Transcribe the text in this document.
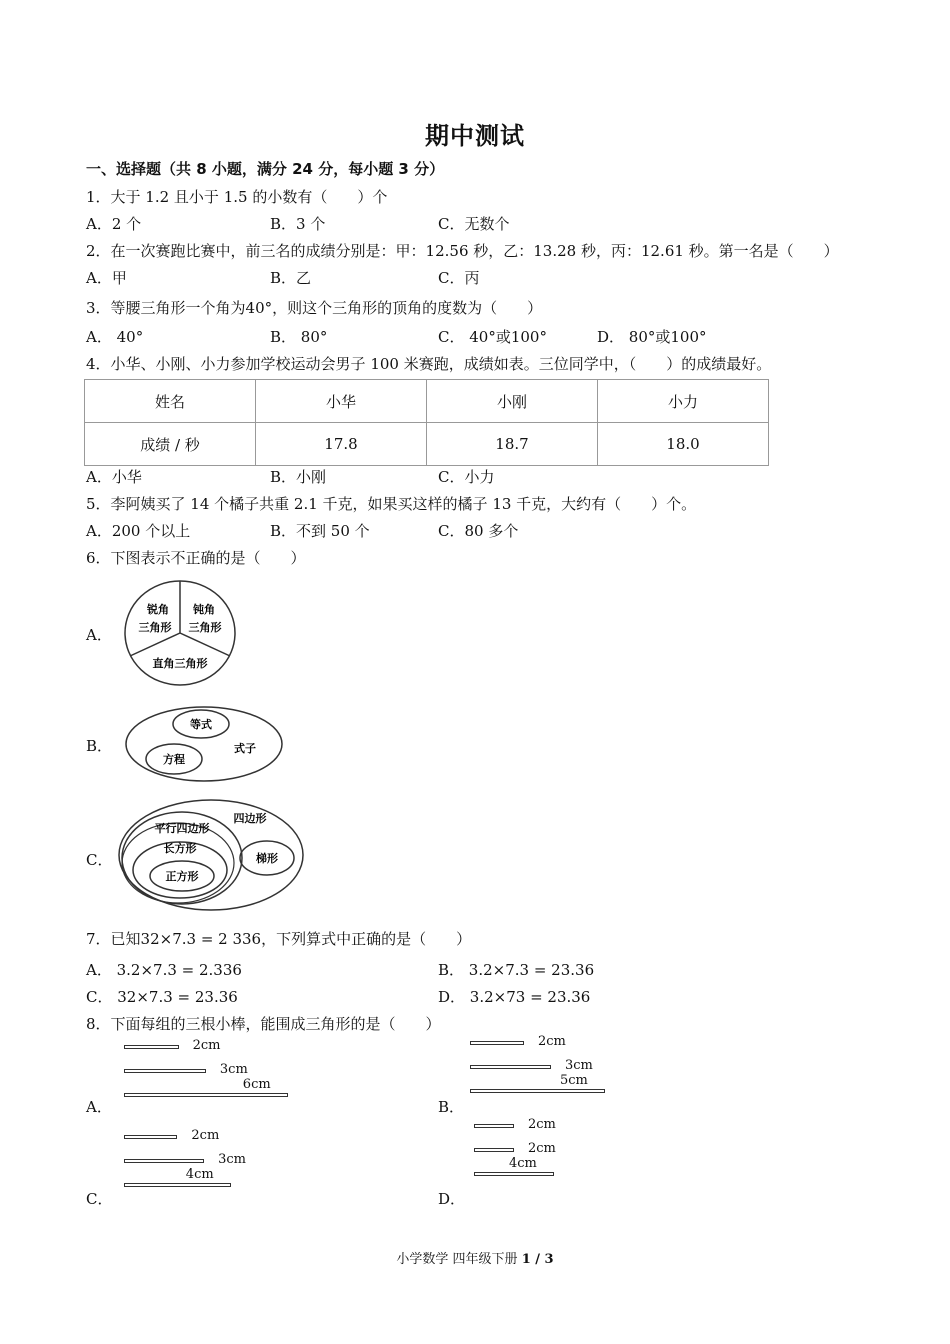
期中测试
一、选择题（共 8 小题，满分 24 分，每小题 3 分）
1．大于 1.2 且小于 1.5 的小数有（　　）个
A．2 个	B．3 个	C．无数个
2．在一次赛跑比赛中，前三名的成绩分别是：甲：12.56 秒，乙：13.28 秒，丙：12.61 秒。第一名是（　　）
A．甲	B．乙	C．丙
3．等腰三角形一个角为40°，则这个三角形的顶角的度数为（　　）
A． 40°	B． 80°	C． 40°或100°	D． 80°或100°
4．小华、小刚、小力参加学校运动会男子 100 米赛跑，成绩如表。三位同学中，（　　）的成绩最好。
姓名	小华	小刚	小力
成绩 / 秒	17.8	18.7	18.0
A．小华	B．小刚	C．小力
5．李阿姨买了 14 个橘子共重 2.1 千克，如果买这样的橘子 13 千克，大约有（　　）个。
A．200 个以上	B．不到 50 个	C．80 多个
6．下图表示不正确的是（　　）
A．
锐角
三角形
钝角
三角形
直角三角形
B．
等式
方程
式子
C．
平行四边形
长方形
正方形
四边形
梯形
7．已知32×7.3 = 2 336，下列算式中正确的是（　　）
A． 3.2×7.3 = 2.336	B． 3.2×7.3 = 23.36
C． 32×7.3 = 23.36	D． 3.2×73 = 23.36
8．下面每组的三根小棒，能围成三角形的是（　　）
A．	B．
C．	D．
2cm
3cm
6cm
2cm
3cm
5cm
2cm
3cm
4cm
2cm
2cm
4cm
小学数学 四年级下册 1 / 3
